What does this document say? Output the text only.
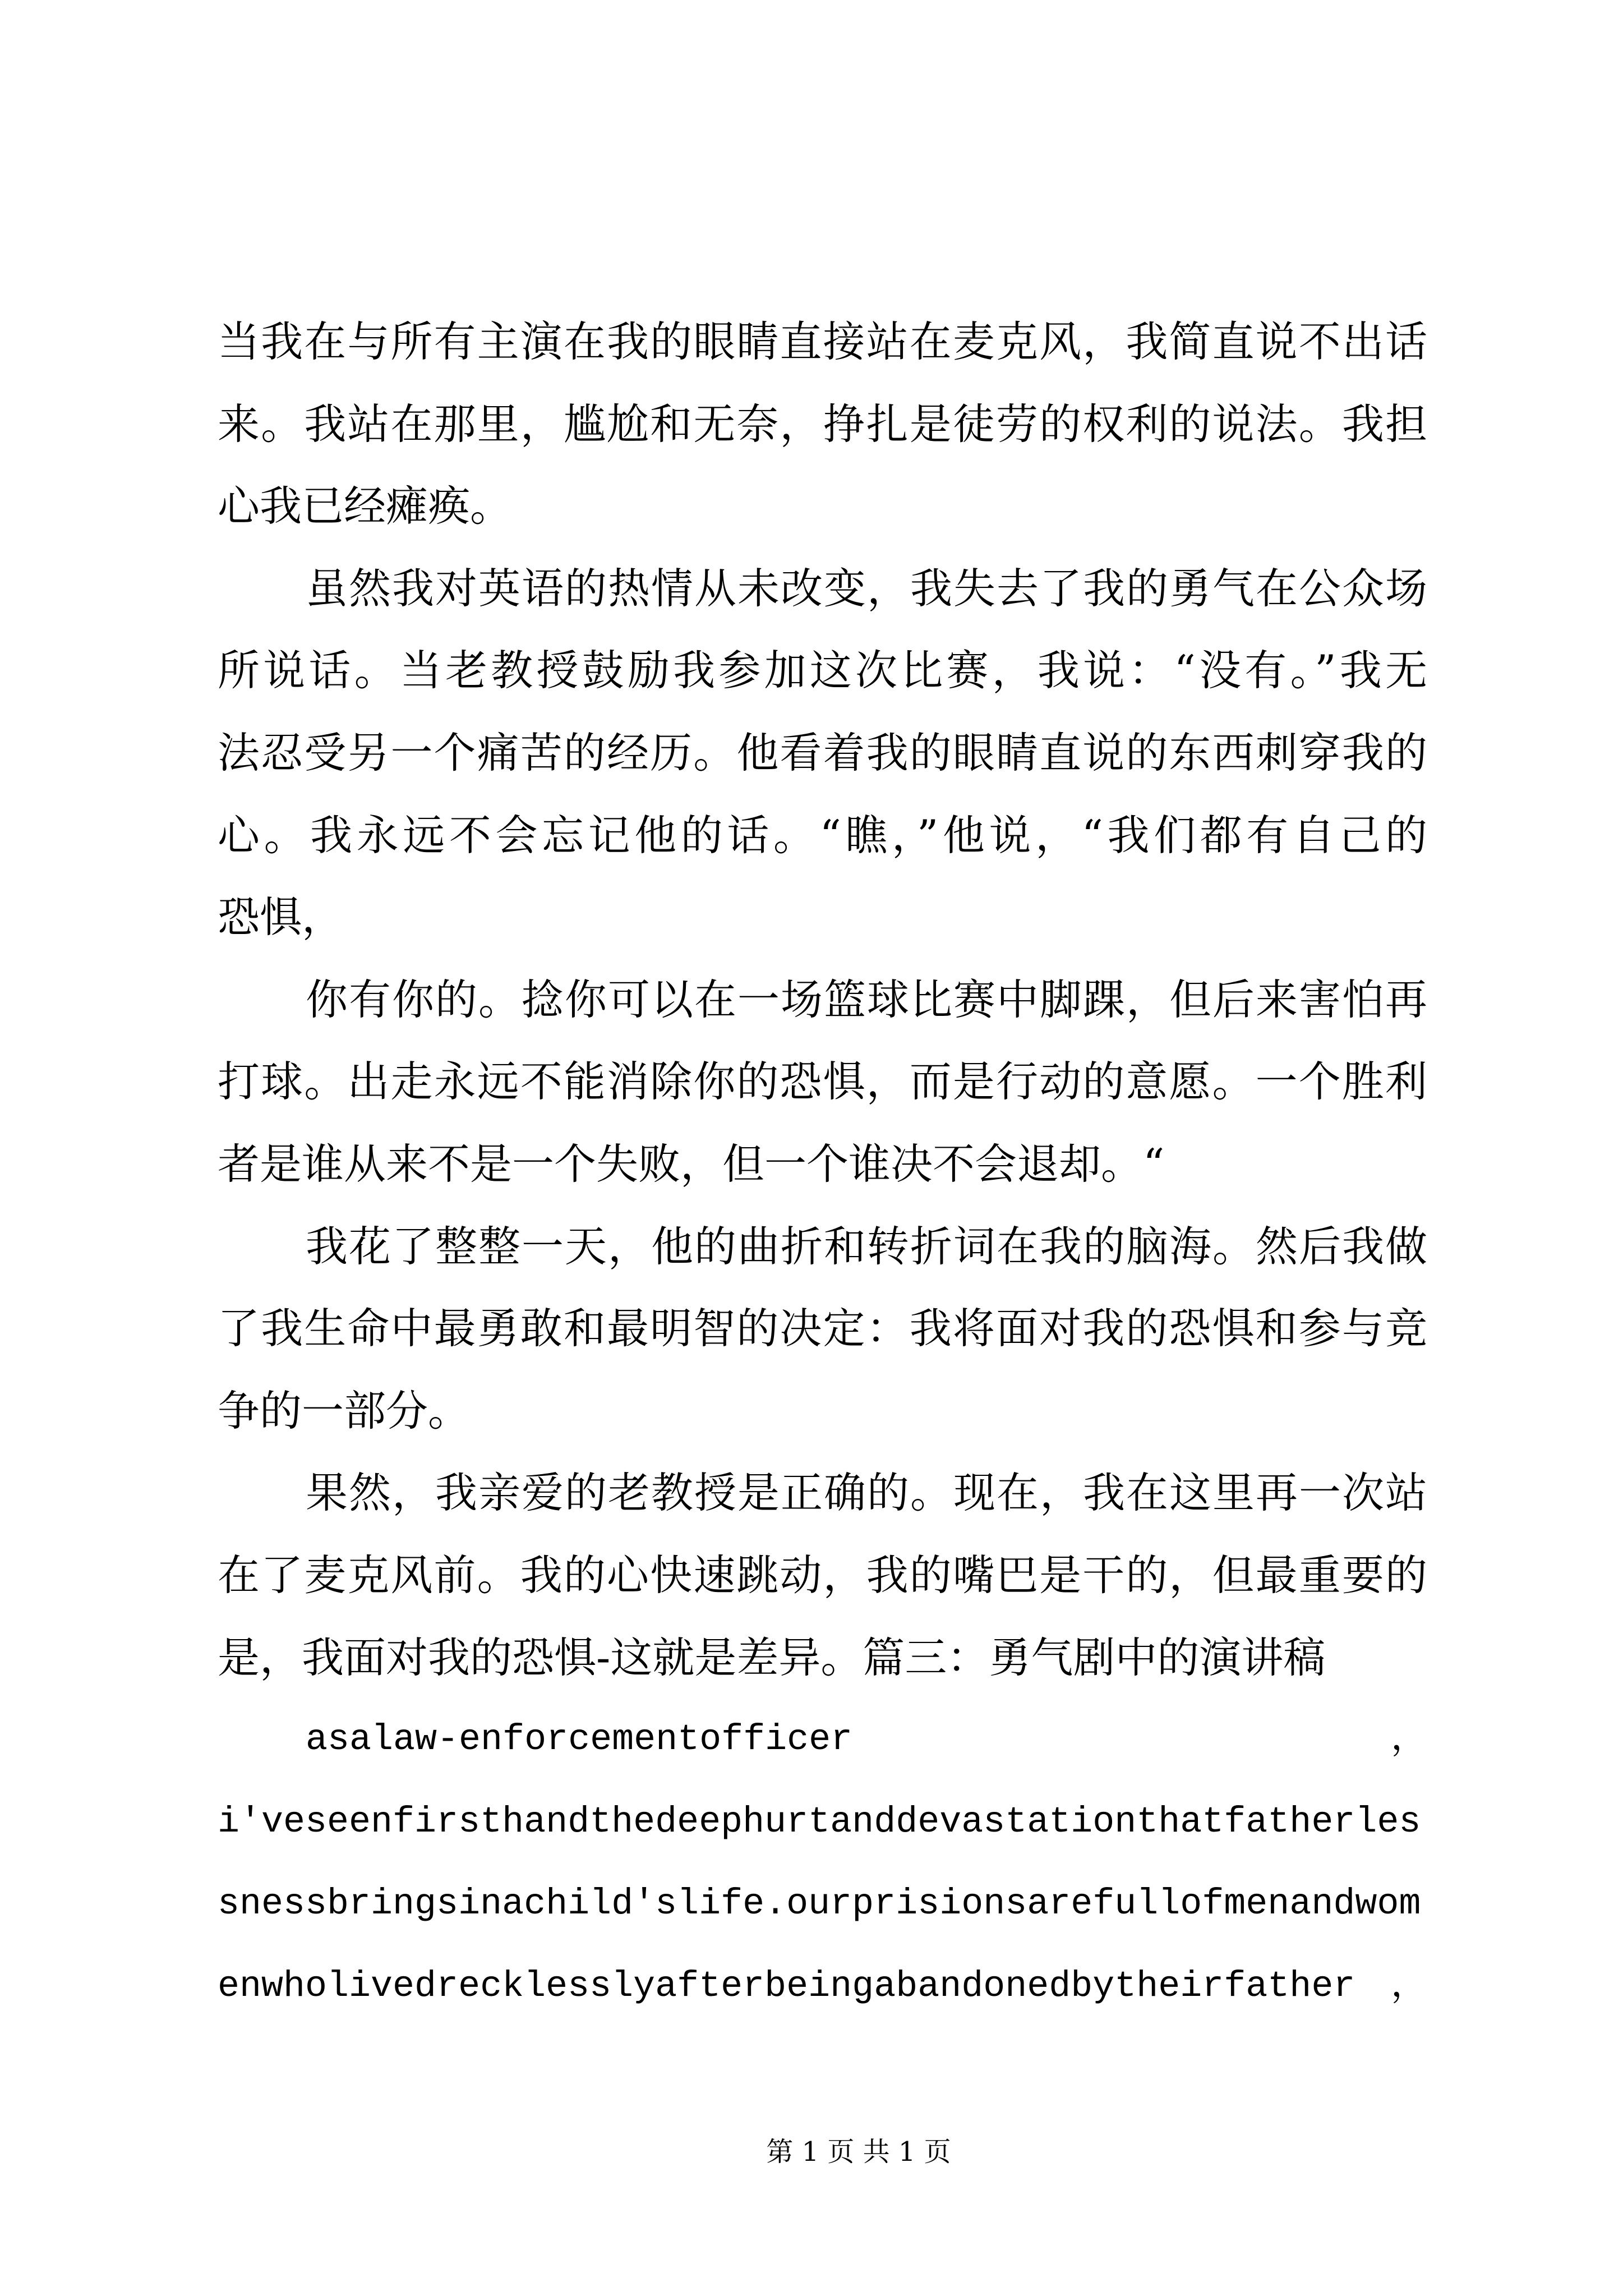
当我在与所有主演在我的眼睛直接站在麦克风，我简直说不出话
来。我站在那里，尴尬和无奈，挣扎是徒劳的权利的说法。我担
心我已经瘫痪。
虽然我对英语的热情从未改变，我失去了我的勇气在公众场
所说话。当老教授鼓励我参加这次比赛，我说：“没有。”我无
法忍受另一个痛苦的经历。他看着我的眼睛直说的东西刺穿我的
心。我永远不会忘记他的话。“瞧，”他说，“我们都有自己的
恐惧，
你有你的。捻你可以在一场篮球比赛中脚踝，但后来害怕再
打球。出走永远不能消除你的恐惧，而是行动的意愿。一个胜利
者是谁从来不是一个失败，但一个谁决不会退却。“
我花了整整一天，他的曲折和转折词在我的脑海。然后我做
了我生命中最勇敢和最明智的决定：我将面对我的恐惧和参与竞
争的一部分。
果然，我亲爱的老教授是正确的。现在，我在这里再一次站
在了麦克风前。我的心快速跳动，我的嘴巴是干的，但最重要的
是，我面对我的恐惧-这就是差异。篇三：勇气剧中的演讲稿
asalaw-enforcementofficer ，
i'veseenfirsthandthedeephurtanddevastationthatfatherles
snessbringsinachild'slife.ourprisionsarefullofmenandwom
enwholivedrecklesslyafterbeingabandonedbytheirfather ，
第 1 页 共 1 页
